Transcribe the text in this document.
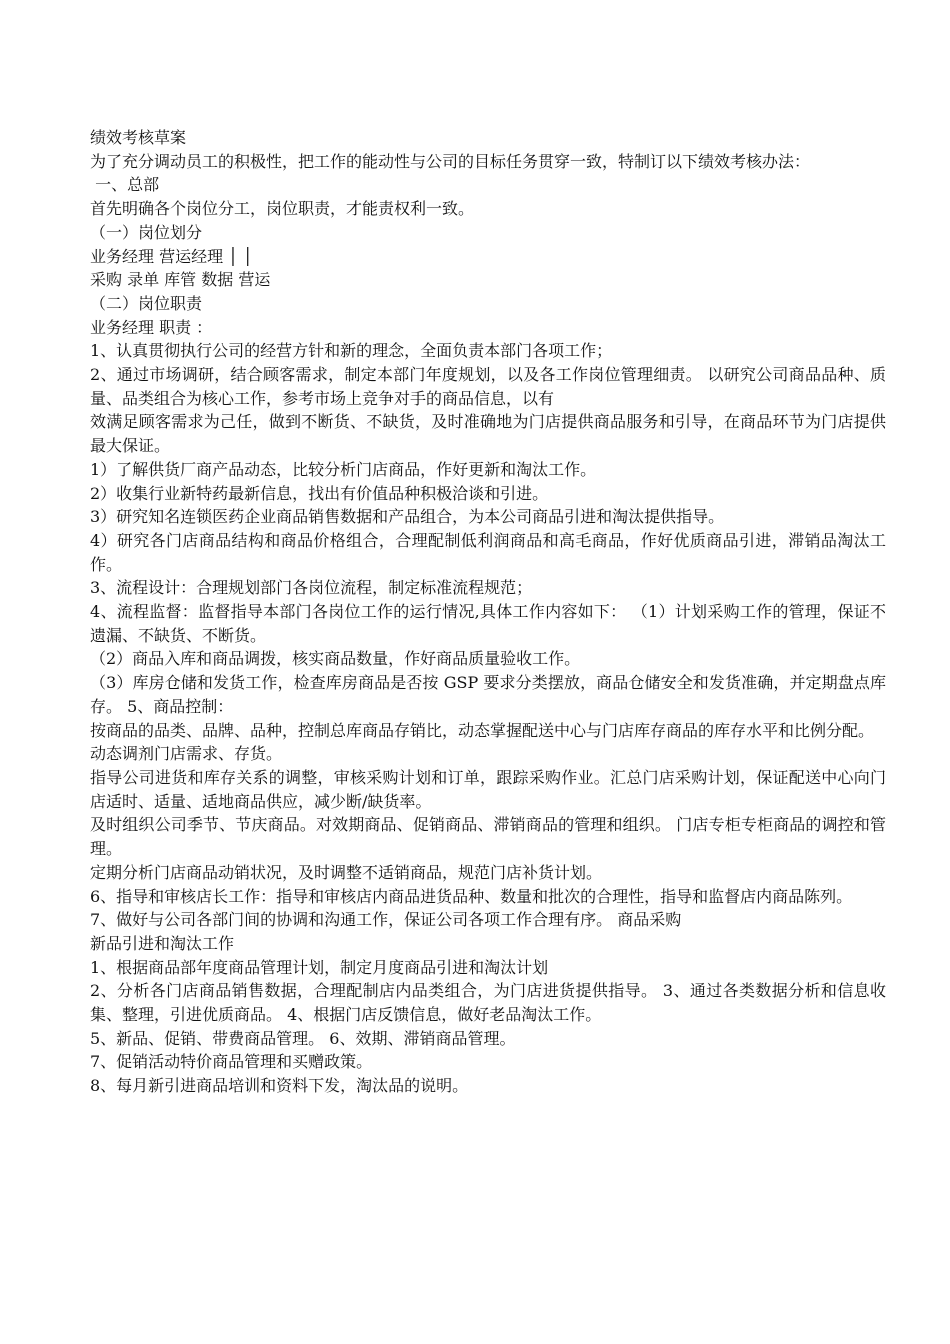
绩效考核草案
为了充分调动员工的积极性，把工作的能动性与公司的目标任务贯穿一致，特制订以下绩效考核办法：
一、总部
首先明确各个岗位分工，岗位职责，才能责权利一致。
（一）岗位划分
业务经理 营运经理 │ │
采购 录单 库管 数据 营运
（二）岗位职责
业务经理 职责 ：
1、认真贯彻执行公司的经营方针和新的理念，全面负责本部门各项工作；
2、通过市场调研，结合顾客需求，制定本部门年度规划，以及各工作岗位管理细责。 以研究公司商品品种、质量、品类组合为核心工作，参考市场上竞争对手的商品信息，以有
效满足顾客需求为己任，做到不断货、不缺货，及时准确地为门店提供商品服务和引导，在商品环节为门店提供最大保证。
1）了解供货厂商产品动态，比较分析门店商品，作好更新和淘汰工作。
2）收集行业新特药最新信息，找出有价值品种积极洽谈和引进。
3）研究知名连锁医药企业商品销售数据和产品组合，为本公司商品引进和淘汰提供指导。
4）研究各门店商品结构和商品价格组合，合理配制低利润商品和高毛商品，作好优质商品引进，滞销品淘汰工作。
3、流程设计：合理规划部门各岗位流程，制定标准流程规范；
4、流程监督：监督指导本部门各岗位工作的运行情况,具体工作内容如下： （1）计划采购工作的管理，保证不遗漏、不缺货、不断货。
（2）商品入库和商品调拨，核实商品数量，作好商品质量验收工作。
（3）库房仓储和发货工作，检查库房商品是否按 GSP 要求分类摆放，商品仓储安全和发货准确，并定期盘点库存。 5、商品控制：
按商品的品类、品牌、品种，控制总库商品存销比，动态掌握配送中心与门店库存商品的库存水平和比例分配。
动态调剂门店需求、存货。
指导公司进货和库存关系的调整，审核采购计划和订单，跟踪采购作业。汇总门店采购计划，保证配送中心向门店适时、适量、适地商品供应，减少断/缺货率。
及时组织公司季节、节庆商品。对效期商品、促销商品、滞销商品的管理和组织。 门店专柜专柜商品的调控和管理。
定期分析门店商品动销状况，及时调整不适销商品，规范门店补货计划。
6、指导和审核店长工作：指导和审核店内商品进货品种、数量和批次的合理性，指导和监督店内商品陈列。
7、做好与公司各部门间的协调和沟通工作，保证公司各项工作合理有序。 商品采购
新品引进和淘汰工作
1、根据商品部年度商品管理计划，制定月度商品引进和淘汰计划
2、分析各门店商品销售数据，合理配制店内品类组合，为门店进货提供指导。 3、通过各类数据分析和信息收集、整理，引进优质商品。 4、根据门店反馈信息，做好老品淘汰工作。
5、新品、促销、带费商品管理。 6、效期、滞销商品管理。
7、促销活动特价商品管理和买赠政策。
8、每月新引进商品培训和资料下发，淘汰品的说明。
